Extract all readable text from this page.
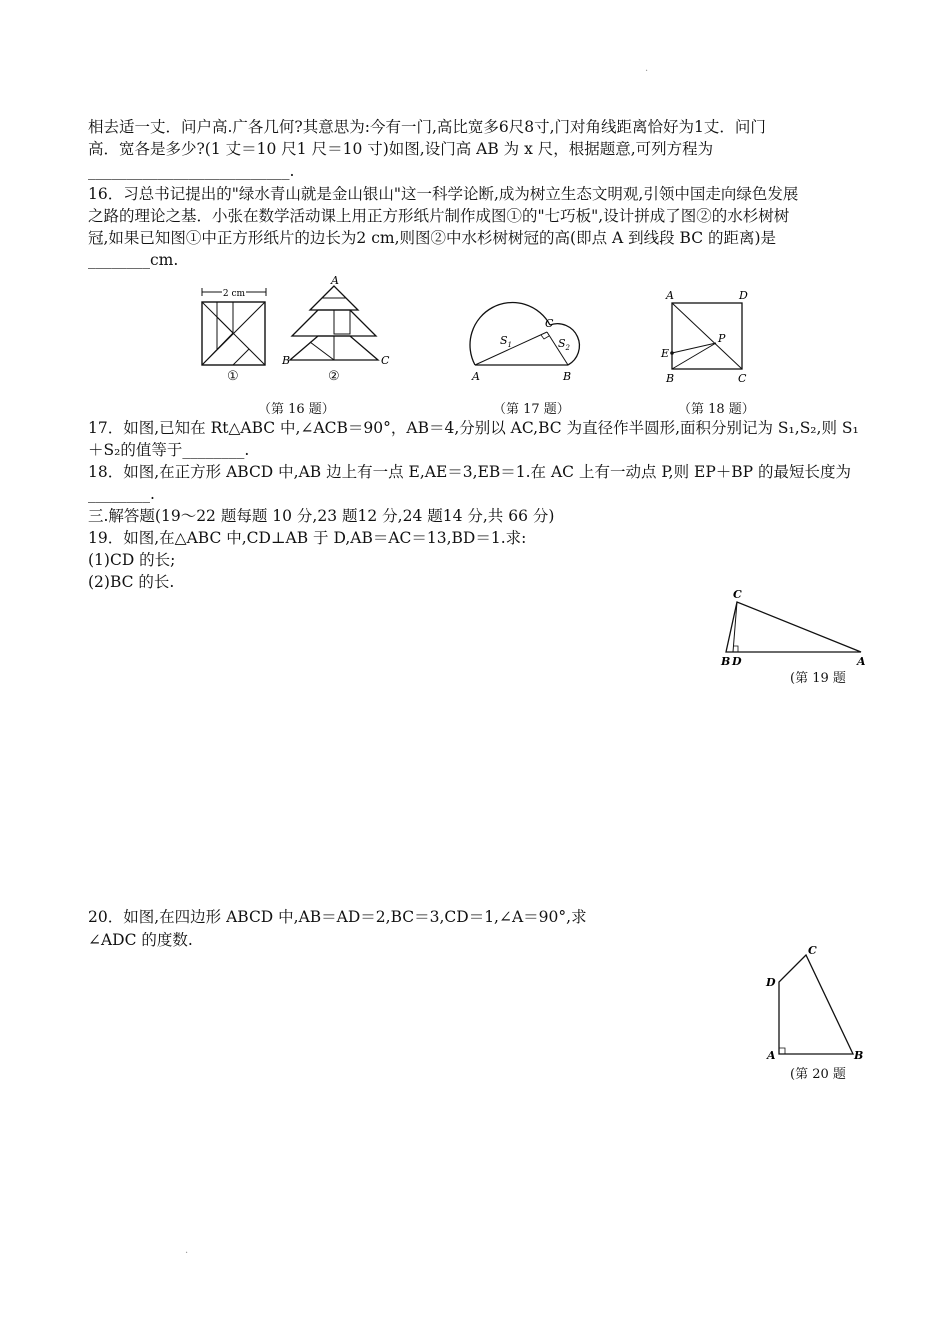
·
相去适一丈．问户高.广各几何?其意思为:今有一门,高比宽多6尺8寸,门对角线距离恰好为1丈．问门
高．宽各是多少?(1 丈＝10 尺1 尺＝10 寸)如图,设门高 AB 为 x 尺，根据题意,可列方程为
__________________________.
16．习总书记提出的"绿水青山就是金山银山"这一科学论断,成为树立生态文明观,引领中国走向绿色发展
之路的理论之基．小张在数学活动课上用正方形纸片制作成图①的"七巧板",设计拼成了图②的水杉树树
冠,如果已知图①中正方形纸片的边长为2 cm,则图②中水杉树树冠的高(即点 A 到线段 BC 的距离)是
________cm.
2 cm
①
A
B	C
②
$S_1$	$S_2$
C
A	B
A	D
E
P
B	C
（第 16 题）	（第 17 题）	（第 18 题）
17．如图,已知在 Rt△ABC 中,∠ACB＝90°，AB＝4,分别以 AC,BC 为直径作半圆形,面积分别记为 S₁,S₂,则 S₁
＋S₂的值等于________.
18．如图,在正方形 ABCD 中,AB 边上有一点 E,AE＝3,EB＝1.在 AC 上有一动点 P,则 EP＋BP 的最短长度为
________.
三.解答题(19～22 题每题 10 分,23 题12 分,24 题14 分,共 66 分)
19．如图,在△ABC 中,CD⊥AB 于 D,AB＝AC＝13,BD＝1.求:
(1)CD 的长;
(2)BC 的长.
C
B D	A
(第 19 题
20．如图,在四边形 ABCD 中,AB＝AD＝2,BC＝3,CD＝1,∠A＝90°,求
∠ADC 的度数.
C
D
A	B
(第 20 题
·
